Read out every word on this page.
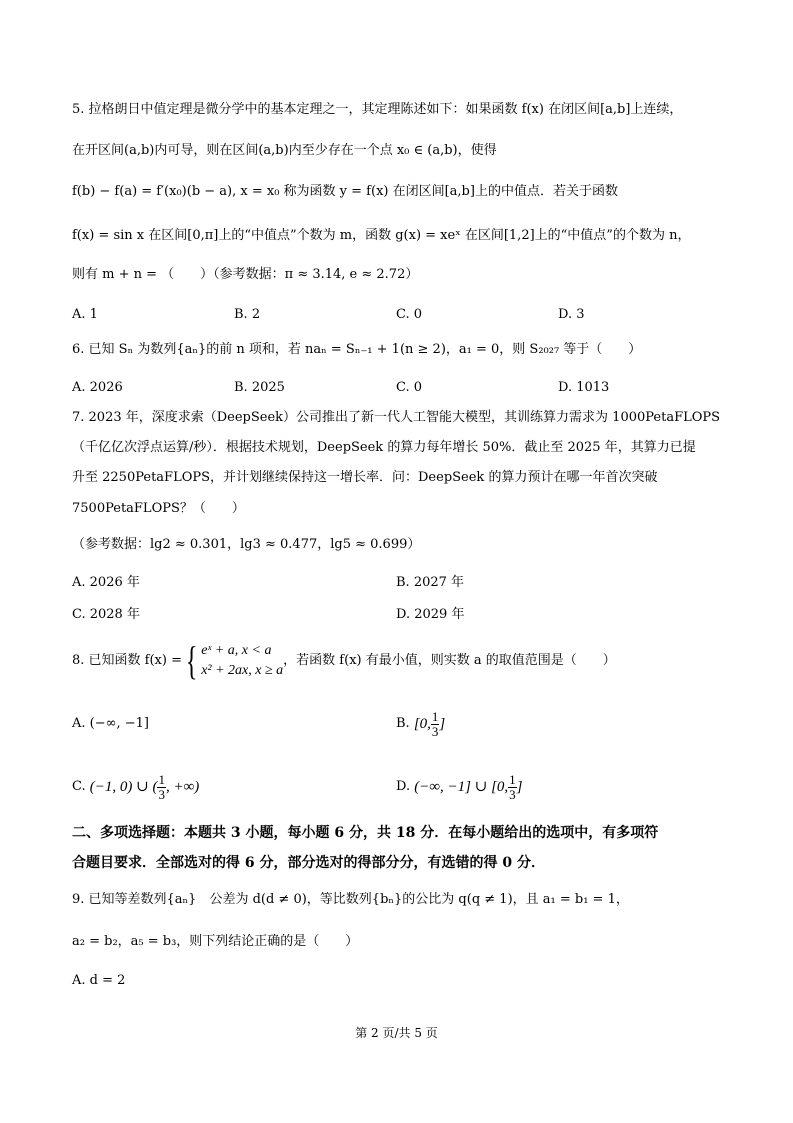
5. 拉格朗日中值定理是微分学中的基本定理之一，其定理陈述如下：如果函数 f(x) 在闭区间[a,b]上连续，
在开区间(a,b)内可导，则在区间(a,b)内至少存在一个点 x₀ ∈ (a,b)，使得
f(b) − f(a) = f′(x₀)(b − a), x = x₀ 称为函数 y = f(x) 在闭区间[a,b]上的中值点．若关于函数
f(x) = sin x 在区间[0,π]上的“中值点”个数为 m，函数 g(x) = xeˣ 在区间[1,2]上的“中值点”的个数为 n，
则有 m + n = （　　）（参考数据：π ≈ 3.14, e ≈ 2.72）
A. 1	B. 2	C. 0	D. 3
6. 已知 Sₙ 为数列{aₙ}的前 n 项和，若 naₙ = Sₙ₋₁ + 1(n ≥ 2)，a₁ = 0，则 S₂₀₂₇ 等于（　　）
A. 2026	B. 2025	C. 0	D. 1013
7. 2023 年，深度求索（DeepSeek）公司推出了新一代人工智能大模型，其训练算力需求为 1000PetaFLOPS
（千亿亿次浮点运算/秒）．根据技术规划，DeepSeek 的算力每年增长 50%．截止至 2025 年，其算力已提
升至 2250PetaFLOPS，并计划继续保持这一增长率．问：DeepSeek 的算力预计在哪一年首次突破
7500PetaFLOPS？（　　）
（参考数据：lg2 ≈ 0.301，lg3 ≈ 0.477，lg5 ≈ 0.699）
A. 2026 年	B. 2027 年
C. 2028 年	D. 2029 年
8. 已知函数 f(x) = { eˣ + a, x < a
x² + 2ax, x ≥ a
，若函数 f(x) 有最小值，则实数 a 的取值范围是（　　）
A. (−∞, −1]	B.
[0, $\frac{1}{3}$ ]
C.
(−1, 0) ∪ ( $\frac{1}{3}$ , +∞)	D.
(−∞, −1] ∪ [0, $\frac{1}{3}$ ]
二、多项选择题：本题共 3 小题，每小题 6 分，共 18 分．在每小题给出的选项中，有多项符
合题目要求．全部选对的得 6 分，部分选对的得部分分，有选错的得 0 分．
9. 已知等差数列{aₙ}　公差为 d(d ≠ 0)，等比数列{bₙ}的公比为 q(q ≠ 1)，且 a₁ = b₁ = 1，
a₂ = b₂，a₅ = b₃，则下列结论正确的是（　　）
A. d = 2
第 2 页/共 5 页
